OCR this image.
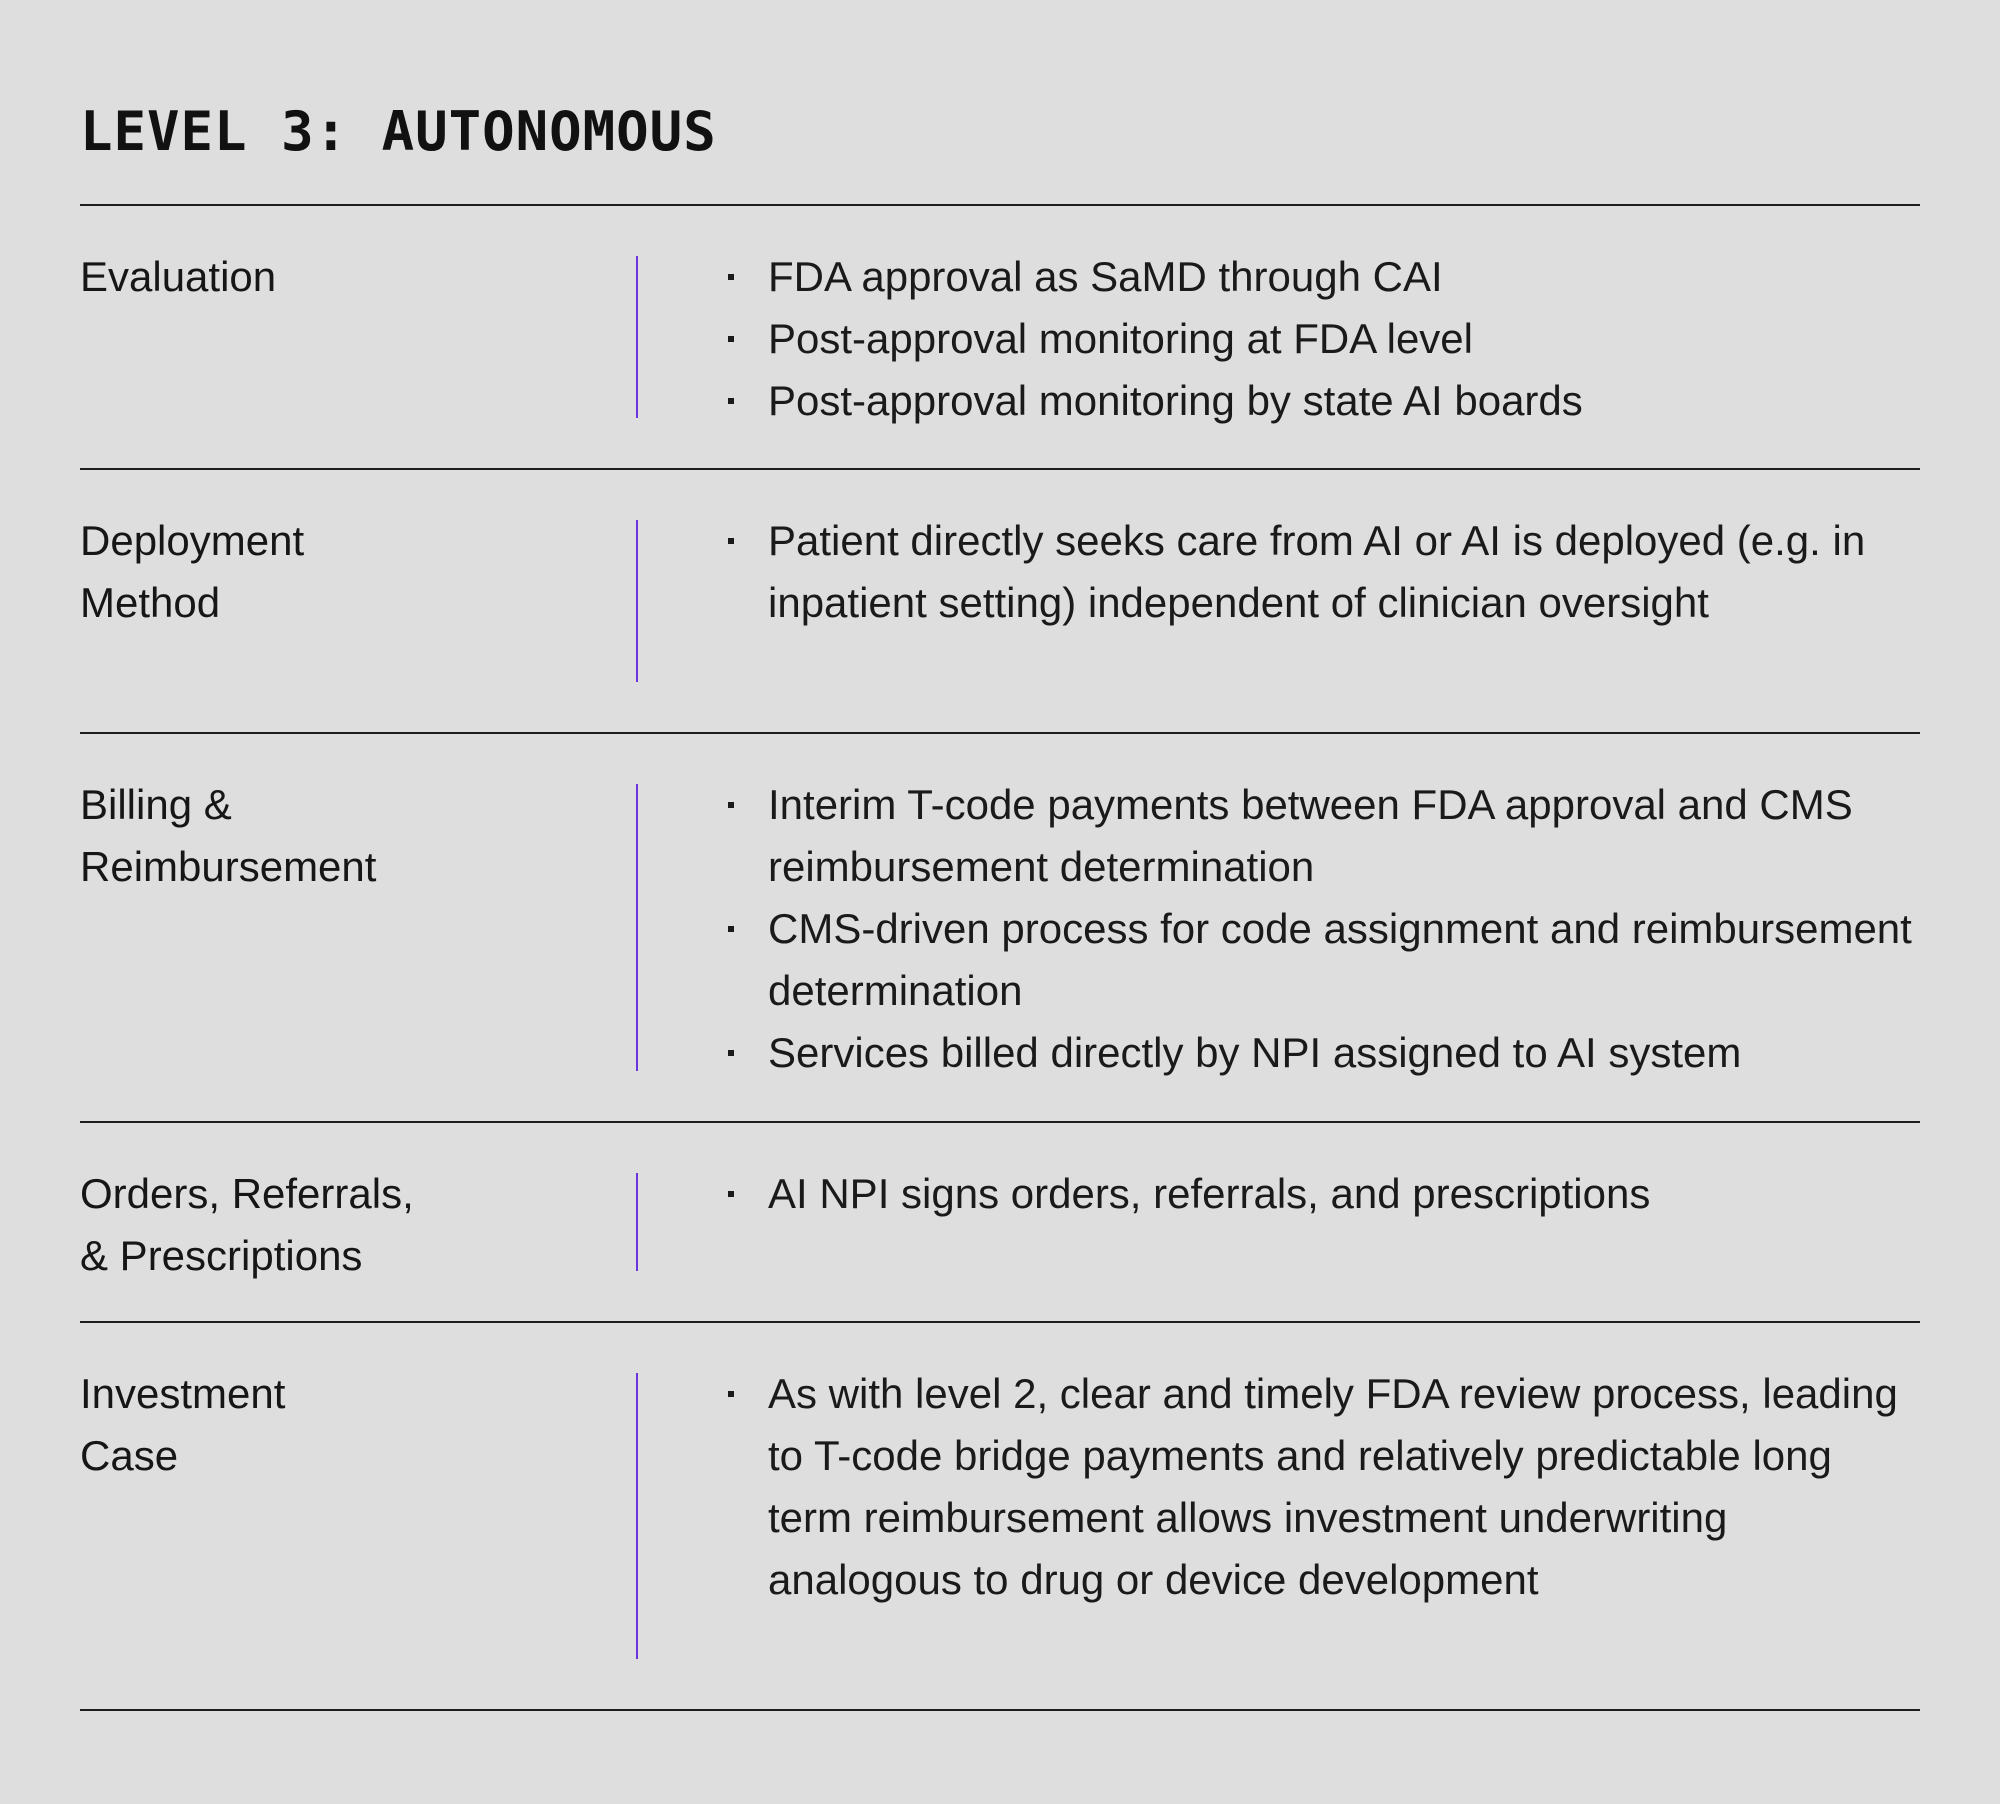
LEVEL 3: AUTONOMOUS
Evaluation	FDA approval as SaMD through CAI
Post-approval monitoring at FDA level
Post-approval monitoring by state AI boards
Deployment
Method
Patient directly seeks care from AI or AI is deployed (e.g. in inpatient setting) independent of clinician oversight
Billing &
Reimbursement
Interim T-code payments between FDA approval and CMS reimbursement determination
CMS-driven process for code assignment and reimbursement determination
Services billed directly by NPI assigned to AI system
Orders, Referrals,
& Prescriptions
AI NPI signs orders, referrals, and prescriptions
Investment
Case
As with level 2, clear and timely FDA review process, leading to T-code bridge payments and relatively predictable long term reimbursement allows investment underwriting analogous to drug or device development
